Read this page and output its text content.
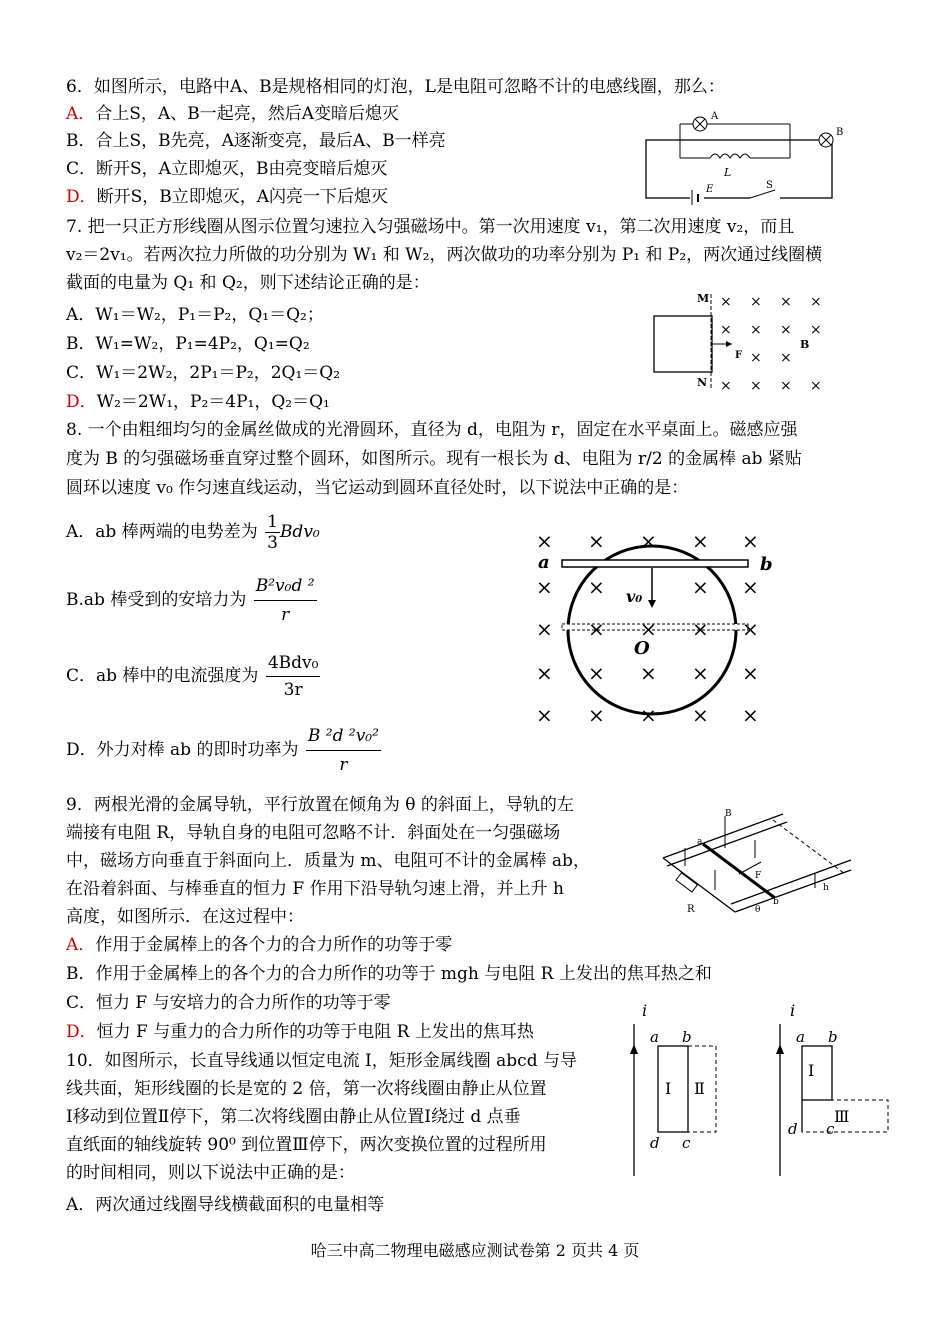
6．如图所示，电路中A、B是规格相同的灯泡，L是电阻可忽略不计的电感线圈，那么：
A．合上S，A、B一起亮，然后A变暗后熄灭
B．合上S，B先亮，A逐渐变亮，最后A、B一样亮
C．断开S，A立即熄灭，B由亮变暗后熄灭
D．断开S，B立即熄灭，A闪亮一下后熄灭
A
B
L
E	S
7. 把一只正方形线圈从图示位置匀速拉入匀强磁场中。第一次用速度 v₁，第二次用速度 v₂，而且
v₂＝2v₁。若两次拉力所做的功分别为 W₁ 和 W₂，两次做功的功率分别为 P₁ 和 P₂，两次通过线圈横
截面的电量为 Q₁ 和 Q₂，则下述结论正确的是：
A．W₁＝W₂，P₁＝P₂，Q₁＝Q₂；
B．W₁=W₂，P₁=4P₂，Q₁=Q₂
C．W₁＝2W₂，2P₁＝P₂，2Q₁＝Q₂
D．W₂＝2W₁，P₂＝4P₁，Q₂＝Q₁
M
N
F
B
× × × ×
× × × ×
× ×
× × × ×
8. 一个由粗细均匀的金属丝做成的光滑圆环，直径为 d，电阻为 r，固定在水平桌面上。磁感应强
度为 B 的匀强磁场垂直穿过整个圆环，如图所示。现有一根长为 d、电阻为 r/2 的金属棒 ab 紧贴
圆环以速度 v₀ 作匀速直线运动，当它运动到圆环直径处时，以下说法中正确的是：
A．ab 棒两端的电势差为 $\frac{1}{3} Bdv_0$
B.ab 棒受到的安培力为 $\frac{\text{B²v₀d ²}}{r}$
C．ab 棒中的电流强度为 $\frac{\text{4Bdv₀}}{3r}$
D．外力对棒 ab 的即时功率为 $\frac{\text{B ²d ²v₀²}}{r}$
a	b
v₀
O
× × × × ×
× ×	× ×
× × × × ×
× × × × ×
× × × × ×
9．两根光滑的金属导轨，平行放置在倾角为 θ 的斜面上，导轨的左
端接有电阻 R，导轨自身的电阻可忽略不计．斜面处在一匀强磁场
中，磁场方向垂直于斜面向上．质量为 m、电阻可不计的金属棒 ab，
在沿着斜面、与棒垂直的恒力 F 作用下沿导轨匀速上滑，并上升 h
高度，如图所示．在这过程中：
A．作用于金属棒上的各个力的合力所作的功等于零
B．作用于金属棒上的各个力的合力所作的功等于 mgh 与电阻 R 上发出的焦耳热之和
C．恒力 F 与安培力的合力所作的功等于零
D．恒力 F 与重力的合力所作的功等于电阻 R 上发出的焦耳热
R
B
a
F
h
θ
b
10．如图所示，长直导线通以恒定电流 I，矩形金属线圈 abcd 与导
线共面，矩形线圈的长是宽的 2 倍，第一次将线圈由静止从位置
Ⅰ移动到位置Ⅱ停下，第二次将线圈由静止从位置Ⅰ绕过 d 点垂
直纸面的轴线旋转 90⁰ 到位置Ⅲ停下，两次变换位置的过程所用
的时间相同，则以下说法中正确的是：
A．两次通过线圈导线横截面积的电量相等
i
a b
d c
Ⅰ Ⅱ
i
a b
d c
Ⅰ
Ⅲ
哈三中高二物理电磁感应测试卷第 2 页共 4 页
